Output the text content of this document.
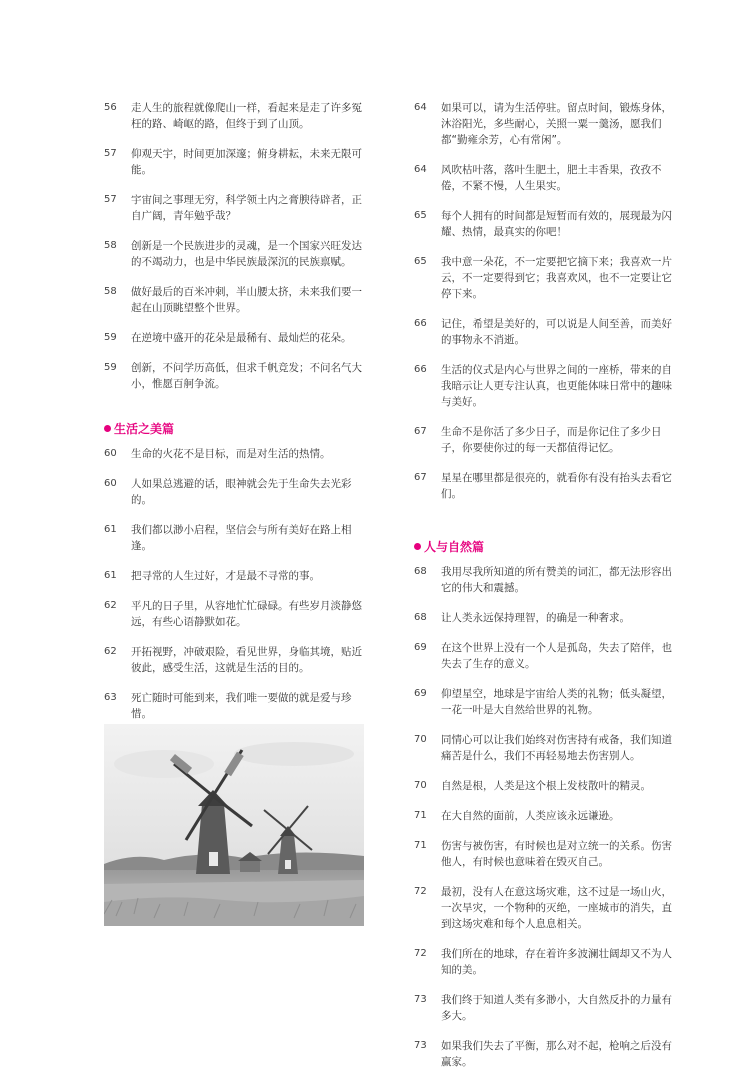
56	走人生的旅程就像爬山一样，看起来是走了许多冤枉的路、崎岖的路，但终于到了山顶。
57	仰观天宇，时间更加深邃；俯身耕耘，未来无限可能。
57	宇宙间之事理无穷，科学领土内之膏腴待辟者，正自广阔，青年勉乎哉？
58	创新是一个民族进步的灵魂，是一个国家兴旺发达的不竭动力，也是中华民族最深沉的民族禀赋。
58	做好最后的百米冲刺，半山腰太挤，未来我们要一起在山顶眺望整个世界。
59	在逆境中盛开的花朵是最稀有、最灿烂的花朵。
59	创新，不问学历高低，但求千帆竞发；不问名气大小，惟愿百舸争流。
生活之美篇
60	生命的火花不是目标，而是对生活的热情。
60	人如果总逃避的话，眼神就会先于生命失去光彩的。
61	我们都以渺小启程，坚信会与所有美好在路上相逢。
61	把寻常的人生过好，才是最不寻常的事。
62	平凡的日子里，从容地忙忙碌碌。有些岁月淡静悠远，有些心语静默如花。
62	开拓视野，冲破艰险，看见世界，身临其境，贴近彼此，感受生活，这就是生活的目的。
63	死亡随时可能到来，我们唯一要做的就是爱与珍惜。
64	如果可以，请为生活停驻。留点时间，锻炼身体，沐浴阳光，多些耐心，关照一粟一羹汤，愿我们都“勤雍余芳，心有常闲”。
64	风吹枯叶落，落叶生肥土，肥土丰香果，孜孜不倦，不紧不慢，人生果实。
65	每个人拥有的时间都是短暂而有效的，展现最为闪耀、热情，最真实的你吧！
65	我中意一朵花，不一定要把它摘下来；我喜欢一片云，不一定要得到它；我喜欢风，也不一定要让它停下来。
66	记住，希望是美好的，可以说是人间至善，而美好的事物永不消逝。
66	生活的仪式是内心与世界之间的一座桥，带来的自我暗示让人更专注认真，也更能体味日常中的趣味与美好。
67	生命不是你活了多少日子，而是你记住了多少日子，你要使你过的每一天都值得记忆。
67	星星在哪里都是很亮的，就看你有没有抬头去看它们。
人与自然篇
68	我用尽我所知道的所有赞美的词汇，都无法形容出它的伟大和震撼。
68	让人类永远保持理智，的确是一种奢求。
69	在这个世界上没有一个人是孤岛，失去了陪伴，也失去了生存的意义。
69	仰望星空，地球是宇宙给人类的礼物；低头凝望，一花一叶是大自然给世界的礼物。
70	同情心可以让我们始终对伤害持有戒备，我们知道痛苦是什么，我们不再轻易地去伤害别人。
70	自然是根，人类是这个根上发枝散叶的精灵。
71	在大自然的面前，人类应该永远谦逊。
71	伤害与被伤害，有时候也是对立统一的关系。伤害他人，有时候也意味着在毁灭自己。
72	最初，没有人在意这场灾难，这不过是一场山火，一次旱灾，一个物种的灭绝，一座城市的消失，直到这场灾难和每个人息息相关。
72	我们所在的地球，存在着许多波澜壮阔却又不为人知的美。
73	我们终于知道人类有多渺小，大自然反扑的力量有多大。
73	如果我们失去了平衡，那么对不起，枪响之后没有赢家。
